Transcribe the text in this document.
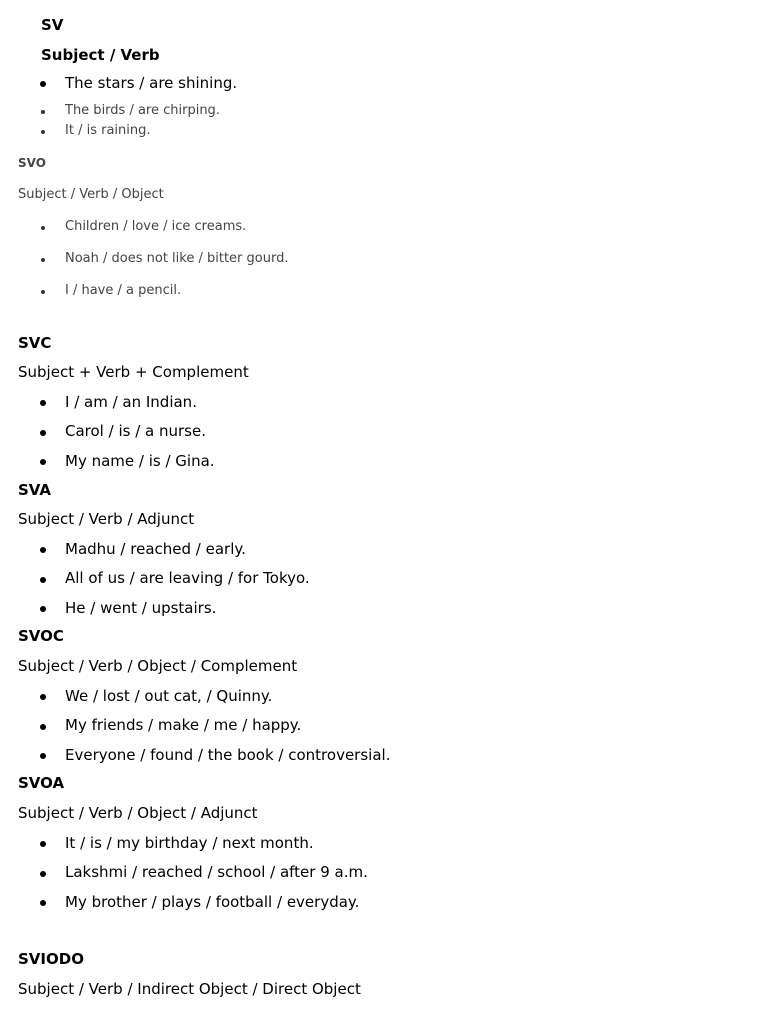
SV
Subject / Verb
The stars / are shining.
The birds / are chirping.
It / is raining.
SVO
Subject / Verb / Object
Children / love / ice creams.
Noah / does not like / bitter gourd.
I / have / a pencil.
SVC
Subject + Verb + Complement
I / am / an Indian.
Carol / is / a nurse.
My name / is / Gina.
SVA
Subject / Verb / Adjunct
Madhu / reached / early.
All of us / are leaving / for Tokyo.
He / went / upstairs.
SVOC
Subject / Verb / Object / Complement
We / lost / out cat, / Quinny.
My friends / make / me / happy.
Everyone / found / the book / controversial.
SVOA
Subject / Verb / Object / Adjunct
It / is / my birthday / next month.
Lakshmi / reached / school / after 9 a.m.
My brother / plays / football / everyday.
SVIODO
Subject / Verb / Indirect Object / Direct Object
